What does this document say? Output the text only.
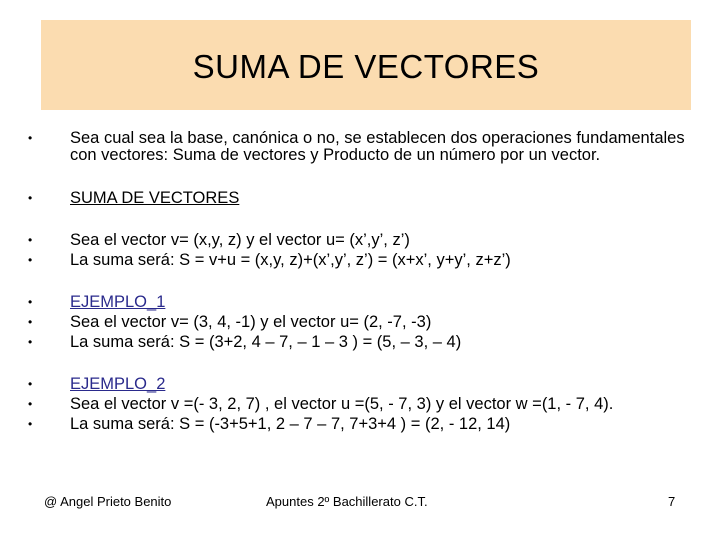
SUMA DE VECTORES
•	Sea cual sea la base, canónica o no, se establecen dos operaciones fundamentales con vectores: Suma de vectores y Producto de un número por un vector.
•	SUMA DE VECTORES
•	Sea el vector v= (x,y, z) y el vector u= (x’,y’, z’)
•	La suma será: S = v+u = (x,y, z)+(x’,y’, z’) = (x+x’, y+y’, z+z’)
•	EJEMPLO_1
•	Sea el vector v= (3, 4, -1) y el vector u= (2, -7, -3)
•	La suma será: S = (3+2, 4 – 7, – 1 – 3 ) = (5, – 3, – 4)
•	EJEMPLO_2
•	Sea el vector v =(- 3, 2, 7) , el vector u =(5, - 7, 3) y el vector w =(1, - 7, 4).
•	La suma será: S = (-3+5+1, 2 – 7 – 7, 7+3+4 ) = (2, - 12, 14)
@ Angel Prieto Benito	Apuntes 2º Bachillerato C.T.	7
